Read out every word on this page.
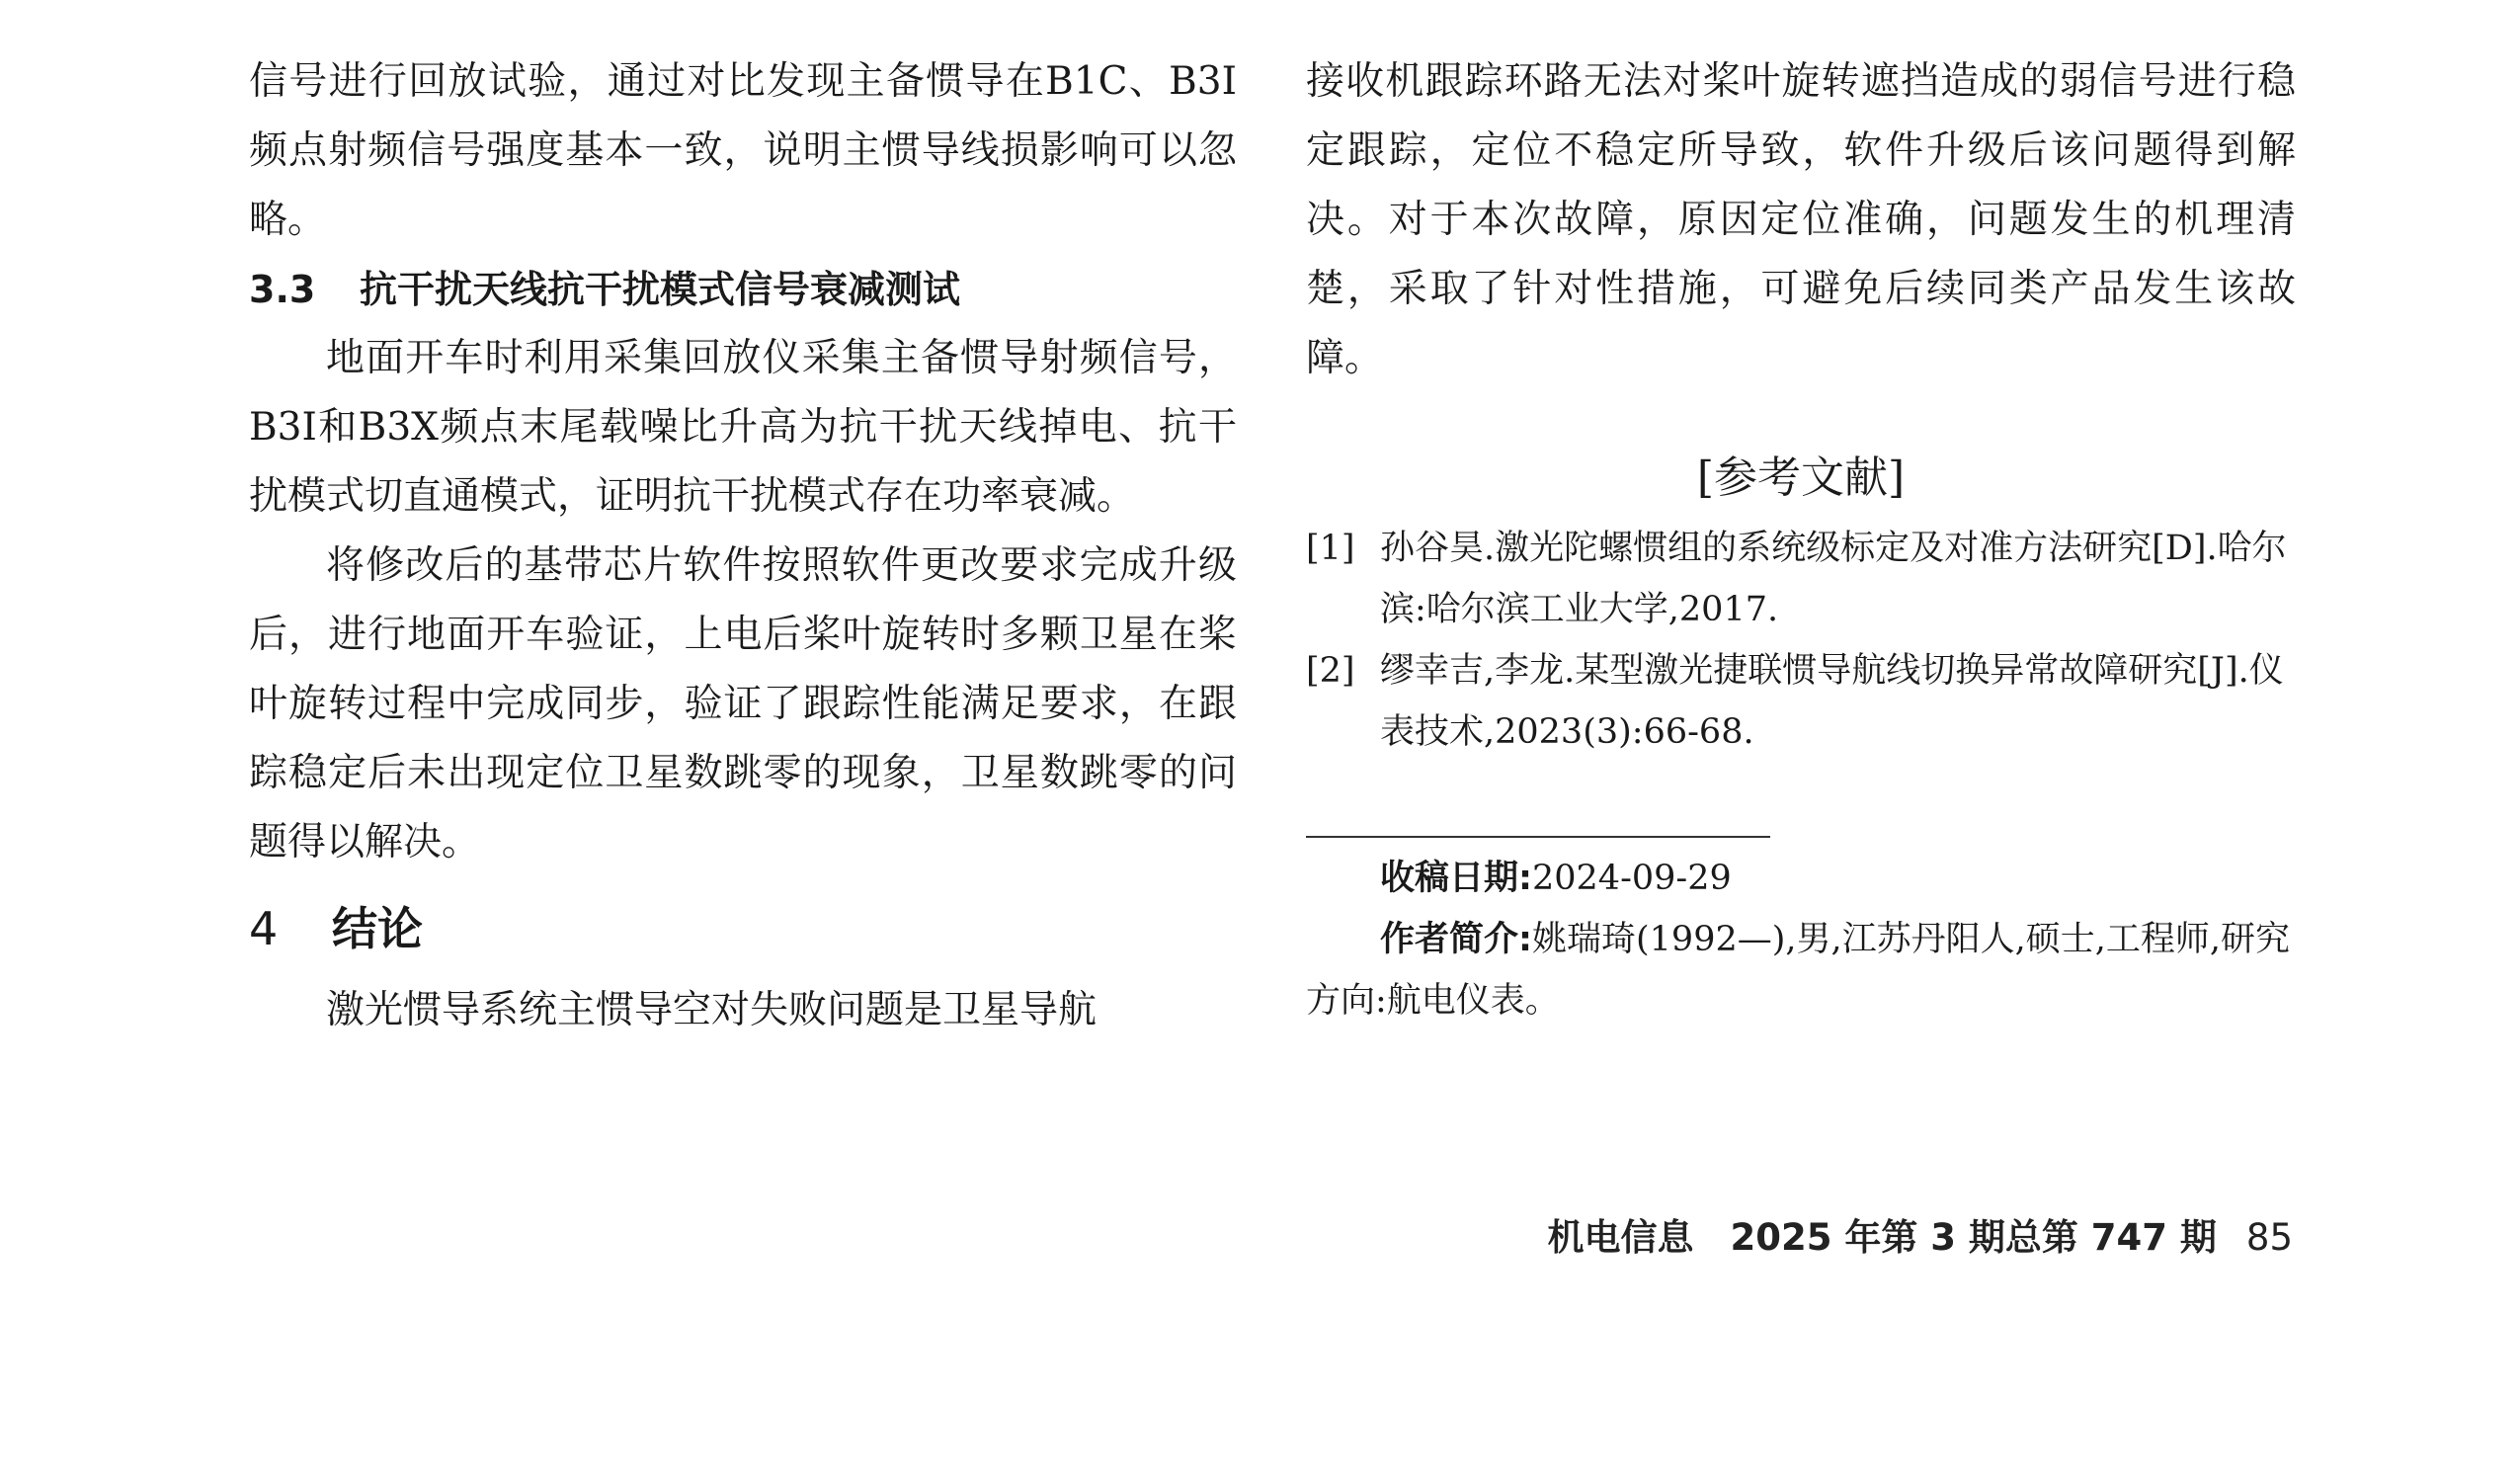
信号进行回放试验，通过对比发现主备惯导在B1C、B3I频点射频信号强度基本一致，说明主惯导线损影响可以忽略。

3.3 抗干扰天线抗干扰模式信号衰减测试

地面开车时利用采集回放仪采集主备惯导射频信号，B3I和B3X频点末尾载噪比升高为抗干扰天线掉电、抗干扰模式切直通模式，证明抗干扰模式存在功率衰减。

将修改后的基带芯片软件按照软件更改要求完成升级后，进行地面开车验证，上电后桨叶旋转时多颗卫星在桨叶旋转过程中完成同步，验证了跟踪性能满足要求，在跟踪稳定后未出现定位卫星数跳零的现象，卫星数跳零的问题得以解决。

4 结论

激光惯导系统主惯导空对失败问题是卫星导航

接收机跟踪环路无法对桨叶旋转遮挡造成的弱信号进行稳定跟踪，定位不稳定所导致，软件升级后该问题得到解决。对于本次故障，原因定位准确，问题发生的机理清楚，采取了针对性措施，可避免后续同类产品发生该故障。

[参考文献]

[1] 孙谷昊.激光陀螺惯组的系统级标定及对准方法研究[D].哈尔滨:哈尔滨工业大学,2017.

[2] 缪幸吉,李龙.某型激光捷联惯导航线切换异常故障研究[J].仪表技术,2023(3):66-68.

收稿日期:2024-09-29

作者简介:姚瑞琦(1992—),男,江苏丹阳人,硕士,工程师,研究方向:航电仪表。

机电信息　2025 年第 3 期总第 747 期 85
